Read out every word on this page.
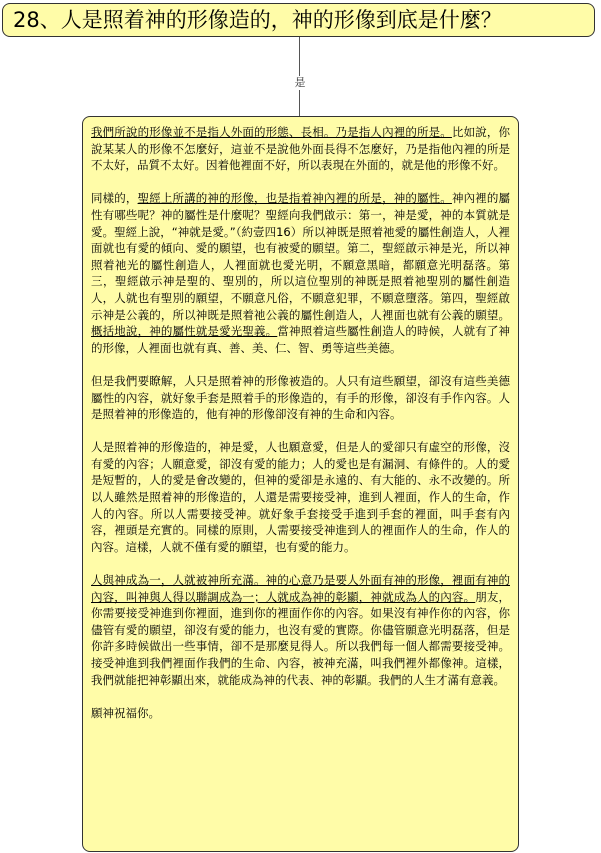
28、人是照着神的形像造的，神的形像到底是什麼？
是

我們所說的形像並不是指人外面的形態、長相。乃是指人內裡的所是。比如說，你說某某人的形像不怎麼好，這並不是說他外面長得不怎麼好，乃是指他內裡的所是不太好，品質不太好。因着他裡面不好，所以表現在外面的，就是他的形像不好。

同樣的，聖經上所講的神的形像，也是指着神內裡的所是，神的屬性。神內裡的屬性有哪些呢？神的屬性是什麼呢？聖經向我們啟示：第一，神是愛，神的本質就是愛。聖經上說，“神就是愛。”（約壹四16）所以神既是照着祂愛的屬性創造人，人裡面就也有愛的傾向、愛的願望，也有被愛的願望。第二，聖經啟示神是光，所以神照着祂光的屬性創造人，人裡面就也愛光明，不願意黑暗，都願意光明磊落。第三，聖經啟示神是聖的、聖別的，所以這位聖別的神既是照着祂聖別的屬性創造人，人就也有聖別的願望，不願意凡俗，不願意犯罪，不願意墮落。第四，聖經啟示神是公義的，所以神既是照着祂公義的屬性創造人，人裡面也就有公義的願望。概括地說，神的屬性就是愛光聖義。當神照着這些屬性創造人的時候，人就有了神的形像，人裡面也就有真、善、美、仁、智、勇等這些美德。

但是我們要瞭解，人只是照着神的形像被造的。人只有這些願望，卻沒有這些美德屬性的內容，就好象手套是照着手的形像造的，有手的形像，卻沒有手作內容。人是照着神的形像造的，他有神的形像卻沒有神的生命和內容。

人是照着神的形像造的，神是愛，人也願意愛，但是人的愛卻只有虛空的形像，沒有愛的內容；人願意愛，卻沒有愛的能力；人的愛也是有漏洞、有條件的。人的愛是短暫的，人的愛是會改變的，但神的愛卻是永遠的、有大能的、永不改變的。所以人雖然是照着神的形像造的，人還是需要接受神，進到人裡面，作人的生命，作人的內容。所以人需要接受神。就好象手套接受手進到手套的裡面，叫手套有內容，裡頭是充實的。同樣的原則，人需要接受神進到人的裡面作人的生命，作人的內容。這樣，人就不僅有愛的願望，也有愛的能力。

人與神成為一，人就被神所充滿。神的心意乃是要人外面有神的形像，裡面有神的內容，叫神與人得以聯調成為一；人就成為神的彰顯，神就成為人的內容。朋友，你需要接受神進到你裡面，進到你的裡面作你的內容。如果沒有神作你的內容，你儘管有愛的願望，卻沒有愛的能力，也沒有愛的實際。你儘管願意光明磊落，但是你許多時候做出一些事情，卻不是那麼見得人。所以我們每一個人都需要接受神。接受神進到我們裡面作我們的生命、內容，被神充滿，叫我們裡外都像神。這樣，我們就能把神彰顯出來，就能成為神的代表、神的彰顯。我們的人生才滿有意義。

願神祝福你。
